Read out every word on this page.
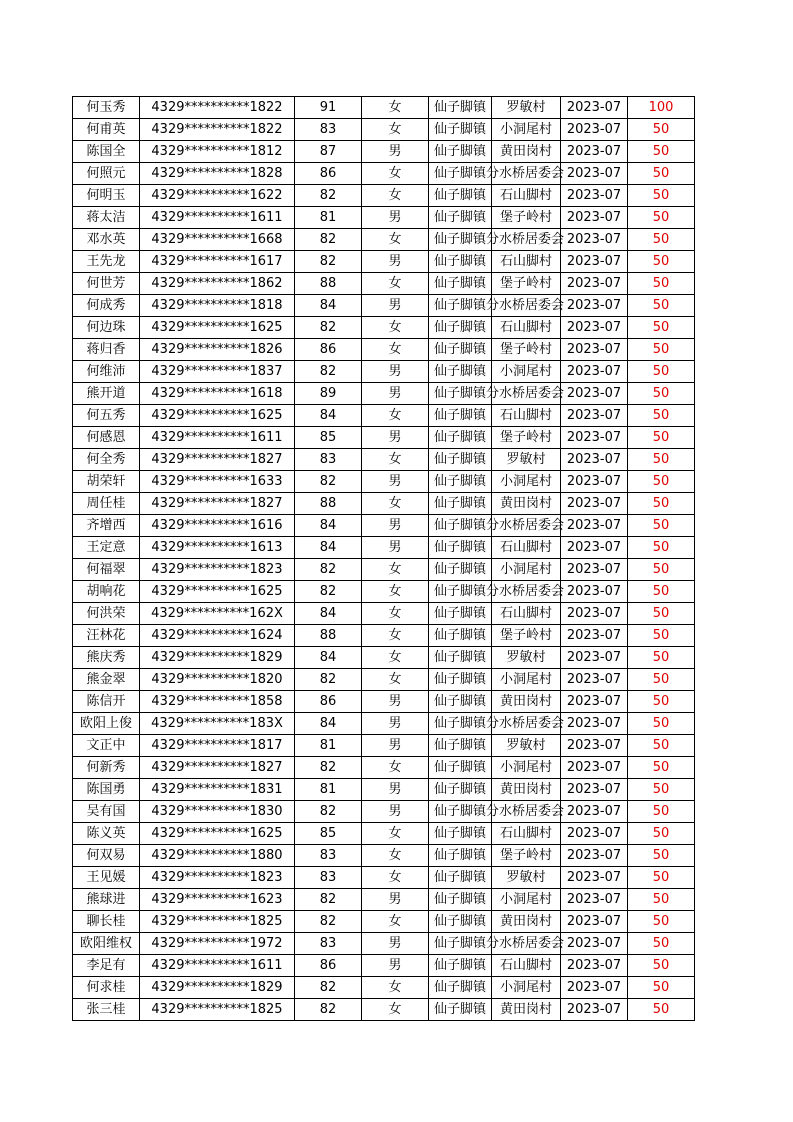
何玉秀	4329**********1822	91	女	仙子脚镇	罗敏村	2023-07	100
何甫英	4329**********1822	83	女	仙子脚镇	小洞尾村	2023-07	50
陈国全	4329**********1812	87	男	仙子脚镇	黄田岗村	2023-07	50
何照元	4329**********1828	86	女	仙子脚镇	分水桥居委会	2023-07	50
何明玉	4329**********1622	82	女	仙子脚镇	石山脚村	2023-07	50
蒋太洁	4329**********1611	81	男	仙子脚镇	堡子岭村	2023-07	50
邓水英	4329**********1668	82	女	仙子脚镇	分水桥居委会	2023-07	50
王先龙	4329**********1617	82	男	仙子脚镇	石山脚村	2023-07	50
何世芳	4329**********1862	88	女	仙子脚镇	堡子岭村	2023-07	50
何成秀	4329**********1818	84	男	仙子脚镇	分水桥居委会	2023-07	50
何边珠	4329**********1625	82	女	仙子脚镇	石山脚村	2023-07	50
蒋归香	4329**********1826	86	女	仙子脚镇	堡子岭村	2023-07	50
何维沛	4329**********1837	82	男	仙子脚镇	小洞尾村	2023-07	50
熊开道	4329**********1618	89	男	仙子脚镇	分水桥居委会	2023-07	50
何五秀	4329**********1625	84	女	仙子脚镇	石山脚村	2023-07	50
何感恩	4329**********1611	85	男	仙子脚镇	堡子岭村	2023-07	50
何全秀	4329**********1827	83	女	仙子脚镇	罗敏村	2023-07	50
胡荣轩	4329**********1633	82	男	仙子脚镇	小洞尾村	2023-07	50
周任桂	4329**********1827	88	女	仙子脚镇	黄田岗村	2023-07	50
齐增西	4329**********1616	84	男	仙子脚镇	分水桥居委会	2023-07	50
王定意	4329**********1613	84	男	仙子脚镇	石山脚村	2023-07	50
何福翠	4329**********1823	82	女	仙子脚镇	小洞尾村	2023-07	50
胡响花	4329**********1625	82	女	仙子脚镇	分水桥居委会	2023-07	50
何洪荣	4329**********162X	84	女	仙子脚镇	石山脚村	2023-07	50
汪林花	4329**********1624	88	女	仙子脚镇	堡子岭村	2023-07	50
熊庆秀	4329**********1829	84	女	仙子脚镇	罗敏村	2023-07	50
熊金翠	4329**********1820	82	女	仙子脚镇	小洞尾村	2023-07	50
陈信开	4329**********1858	86	男	仙子脚镇	黄田岗村	2023-07	50
欧阳上俊	4329**********183X	84	男	仙子脚镇	分水桥居委会	2023-07	50
文正中	4329**********1817	81	男	仙子脚镇	罗敏村	2023-07	50
何新秀	4329**********1827	82	女	仙子脚镇	小洞尾村	2023-07	50
陈国勇	4329**********1831	81	男	仙子脚镇	黄田岗村	2023-07	50
吴有国	4329**********1830	82	男	仙子脚镇	分水桥居委会	2023-07	50
陈义英	4329**********1625	85	女	仙子脚镇	石山脚村	2023-07	50
何双易	4329**********1880	83	女	仙子脚镇	堡子岭村	2023-07	50
王见媛	4329**********1823	83	女	仙子脚镇	罗敏村	2023-07	50
熊球进	4329**********1623	82	男	仙子脚镇	小洞尾村	2023-07	50
聊长桂	4329**********1825	82	女	仙子脚镇	黄田岗村	2023-07	50
欧阳维权	4329**********1972	83	男	仙子脚镇	分水桥居委会	2023-07	50
李足有	4329**********1611	86	男	仙子脚镇	石山脚村	2023-07	50
何求桂	4329**********1829	82	女	仙子脚镇	小洞尾村	2023-07	50
张三桂	4329**********1825	82	女	仙子脚镇	黄田岗村	2023-07	50
